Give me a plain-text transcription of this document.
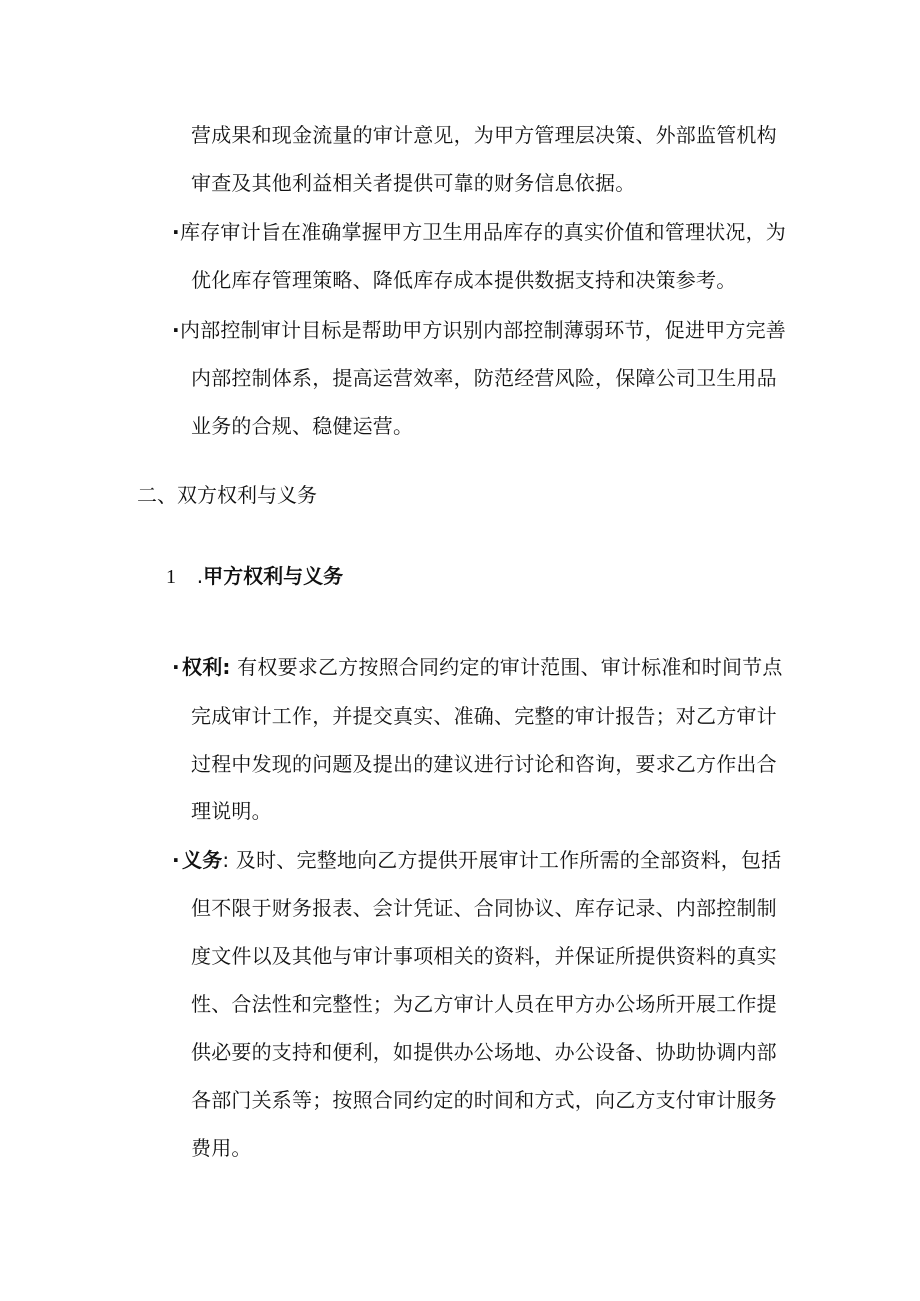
营成果和现金流量的审计意见，为甲方管理层决策、外部监管机构
审查及其他利益相关者提供可靠的财务信息依据。
· 库存审计旨在准确掌握甲方卫生用品库存的真实价值和管理状况，为
优化库存管理策略、降低库存成本提供数据支持和决策参考。
· 内部控制审计目标是帮助甲方识别内部控制薄弱环节，促进甲方完善
内部控制体系，提高运营效率，防范经营风险，保障公司卫生用品
业务的合规、稳健运营。
二、双方权利与义务
1 .甲方权利与义务
· 权利: 有权要求乙方按照合同约定的审计范围、审计标准和时间节点
完成审计工作，并提交真实、准确、完整的审计报告；对乙方审计
过程中发现的问题及提出的建议进行讨论和咨询，要求乙方作出合
理说明。
· 义务: 及时、完整地向乙方提供开展审计工作所需的全部资料，包括
但不限于财务报表、会计凭证、合同协议、库存记录、内部控制制
度文件以及其他与审计事项相关的资料，并保证所提供资料的真实
性、合法性和完整性；为乙方审计人员在甲方办公场所开展工作提
供必要的支持和便利，如提供办公场地、办公设备、协助协调内部
各部门关系等；按照合同约定的时间和方式，向乙方支付审计服务
费用。
